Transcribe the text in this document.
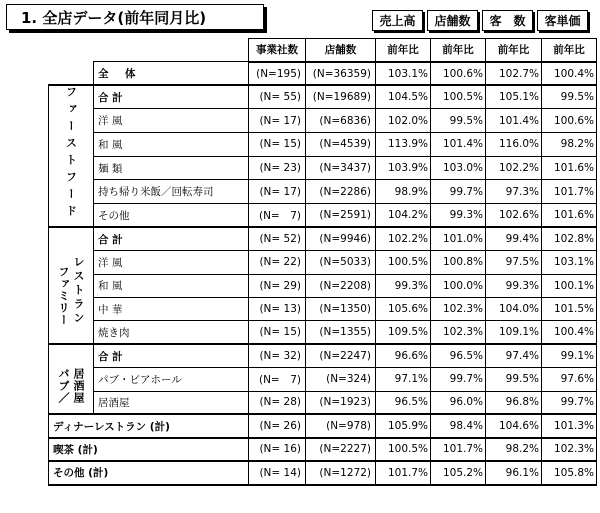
1. 全店データ(前年同月比)	売上高	店舗数	客　数	客単価
		事業社数	店舗数	前年比	前年比	前年比	前年比
	全　体	(N=195)	(N=36359)	103.1%	100.6%	102.7%	100.4%
ファーストフード	合 計	(N= 55)	(N=19689)	104.5%	100.5%	105.1%	99.5%
	洋 風	(N= 17)	(N=6836)	102.0%	99.5%	101.4%	100.6%
	和 風	(N= 15)	(N=4539)	113.9%	101.4%	116.0%	98.2%
	麺 類	(N= 23)	(N=3437)	103.9%	103.0%	102.2%	101.6%
	持ち帰り米飯／回転寿司	(N= 17)	(N=2286)	98.9%	99.7%	97.3%	101.7%
	その他	(N=　7)	(N=2591)	104.2%	99.3%	102.6%	101.6%
ファミリー レストラン	合 計	(N= 52)	(N=9946)	102.2%	101.0%	99.4%	102.8%
	洋 風	(N= 22)	(N=5033)	100.5%	100.8%	97.5%	103.1%
	和 風	(N= 29)	(N=2208)	99.3%	100.0%	99.3%	100.1%
	中 華	(N= 13)	(N=1350)	105.6%	102.3%	104.0%	101.5%
	焼き肉	(N= 15)	(N=1355)	109.5%	102.3%	109.1%	100.4%
パブ／ 居酒屋	合 計	(N= 32)	(N=2247)	96.6%	96.5%	97.4%	99.1%
	パブ・ビアホール	(N=　7)	(N=324)	97.1%	99.7%	99.5%	97.6%
	居酒屋	(N= 28)	(N=1923)	96.5%	96.0%	96.8%	99.7%
ディナーレストラン (計)		(N= 26)	(N=978)	105.9%	98.4%	104.6%	101.3%
喫茶 (計)		(N= 16)	(N=2227)	100.5%	101.7%	98.2%	102.3%
その他 (計)		(N= 14)	(N=1272)	101.7%	105.2%	96.1%	105.8%
